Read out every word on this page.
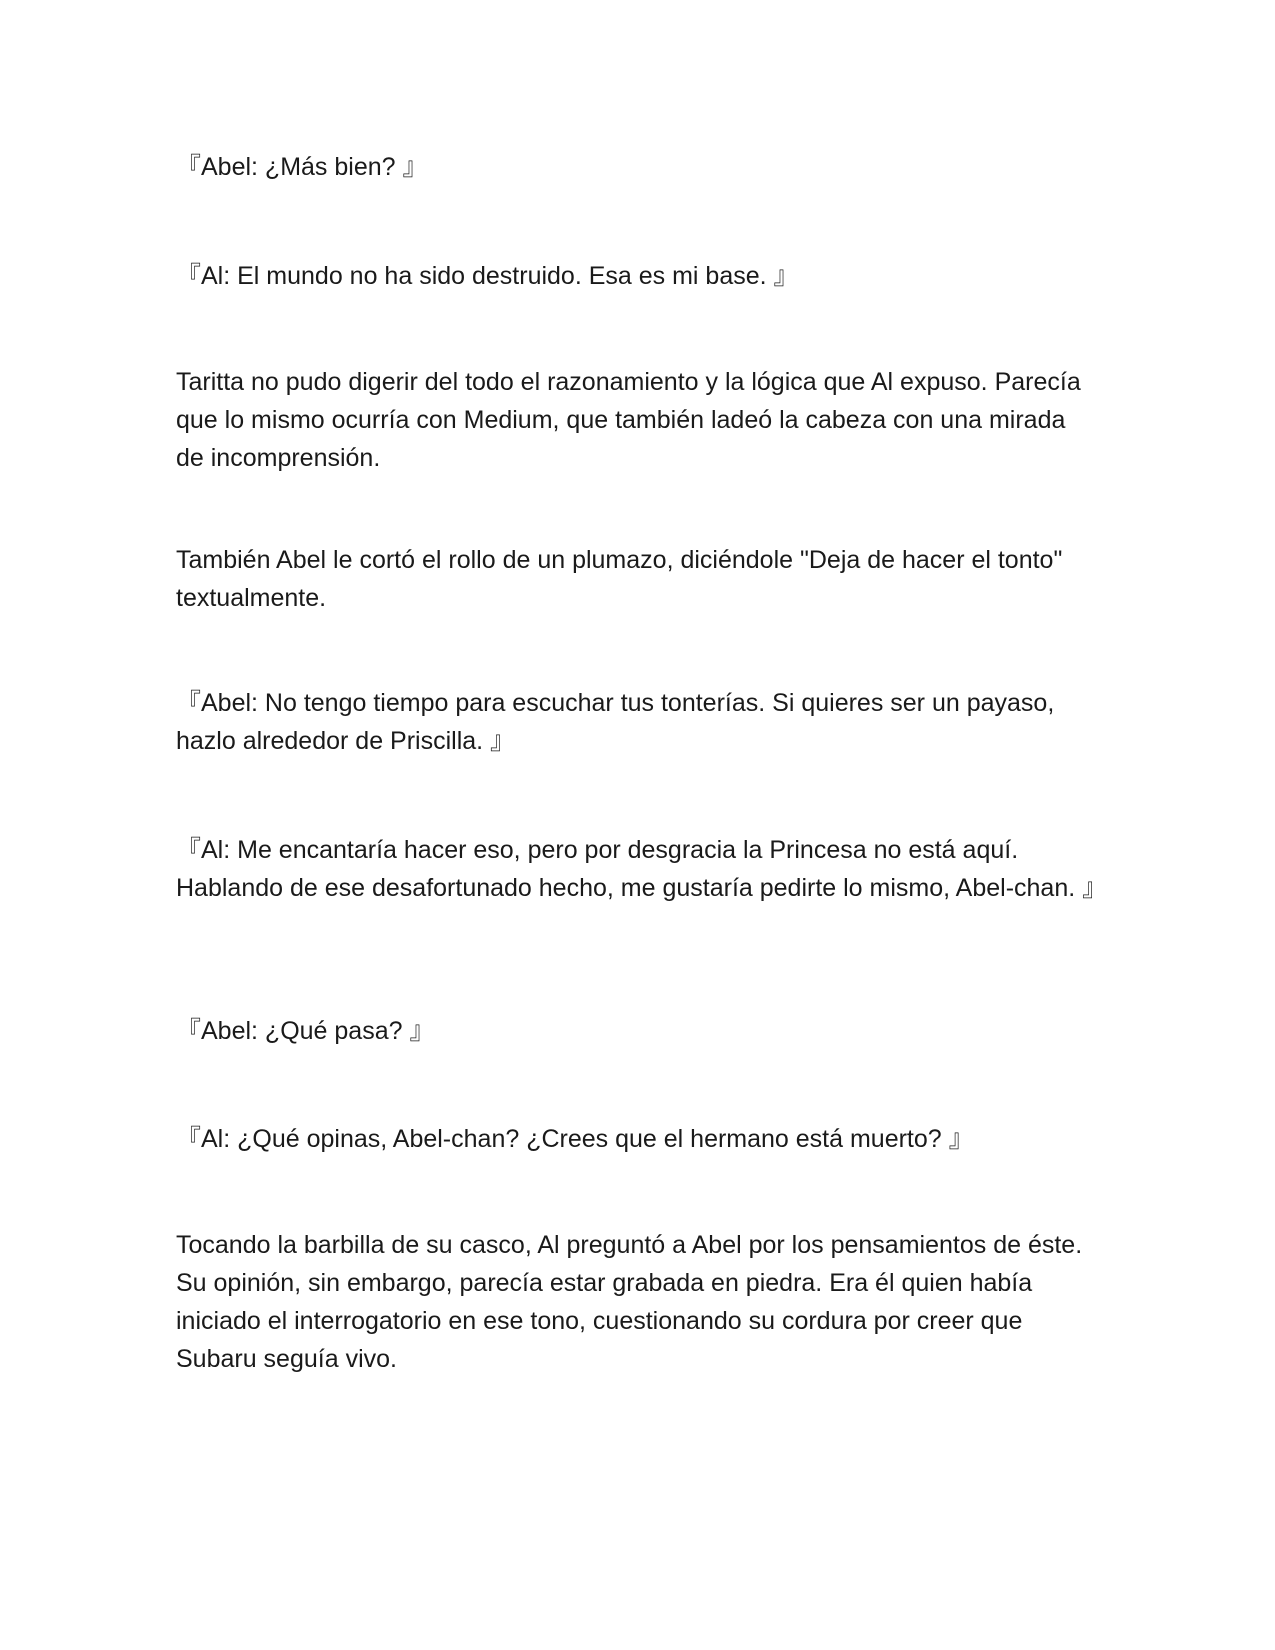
『Abel: ¿Más bien? 』

『Al: El mundo no ha sido destruido. Esa es mi base. 』

Taritta no pudo digerir del todo el razonamiento y la lógica que Al expuso. Parecía que lo mismo ocurría con Medium, que también ladeó la cabeza con una mirada de incomprensión.

También Abel le cortó el rollo de un plumazo, diciéndole "Deja de hacer el tonto" textualmente.

『Abel: No tengo tiempo para escuchar tus tonterías. Si quieres ser un payaso, hazlo alrededor de Priscilla. 』

『Al: Me encantaría hacer eso, pero por desgracia la Princesa no está aquí. Hablando de ese desafortunado hecho, me gustaría pedirte lo mismo, Abel-chan. 』

『Abel: ¿Qué pasa? 』

『Al: ¿Qué opinas, Abel-chan? ¿Crees que el hermano está muerto? 』

Tocando la barbilla de su casco, Al preguntó a Abel por los pensamientos de éste. Su opinión, sin embargo, parecía estar grabada en piedra. Era él quien había iniciado el interrogatorio en ese tono, cuestionando su cordura por creer que Subaru seguía vivo.
